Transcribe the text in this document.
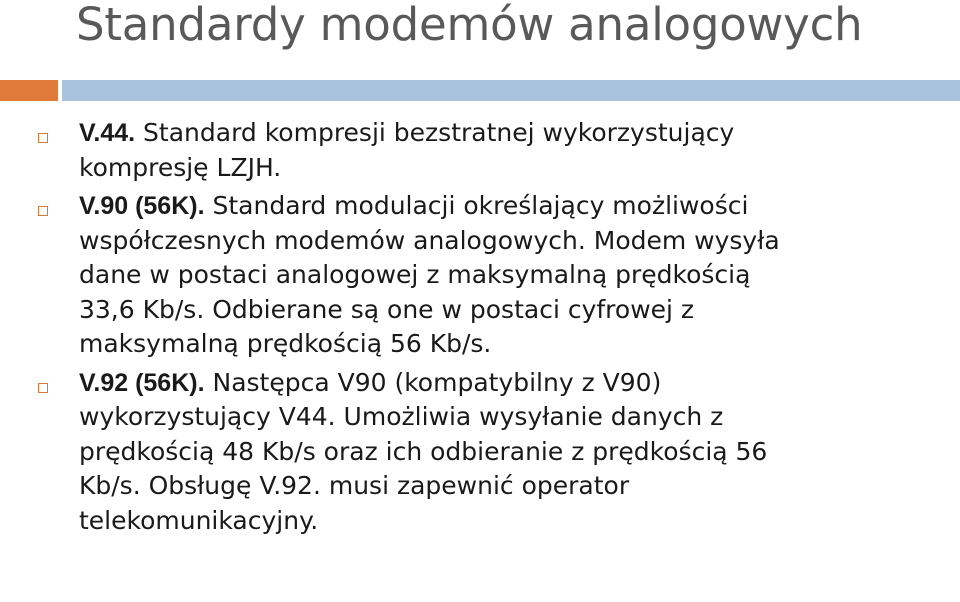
Standardy modemów analogowych
V.44. Standard kompresji bezstratnej wykorzystujący
kompresję LZJH.
V.90 (56K). Standard modulacji określający możliwości
współczesnych modemów analogowych. Modem wysyła
dane w postaci analogowej z maksymalną prędkością
33,6 Kb/s. Odbierane są one w postaci cyfrowej z
maksymalną prędkością 56 Kb/s.
V.92 (56K). Następca V90 (kompatybilny z V90)
wykorzystujący V44. Umożliwia wysyłanie danych z
prędkością 48 Kb/s oraz ich odbieranie z prędkością 56
Kb/s. Obsługę V.92. musi zapewnić operator
telekomunikacyjny.
